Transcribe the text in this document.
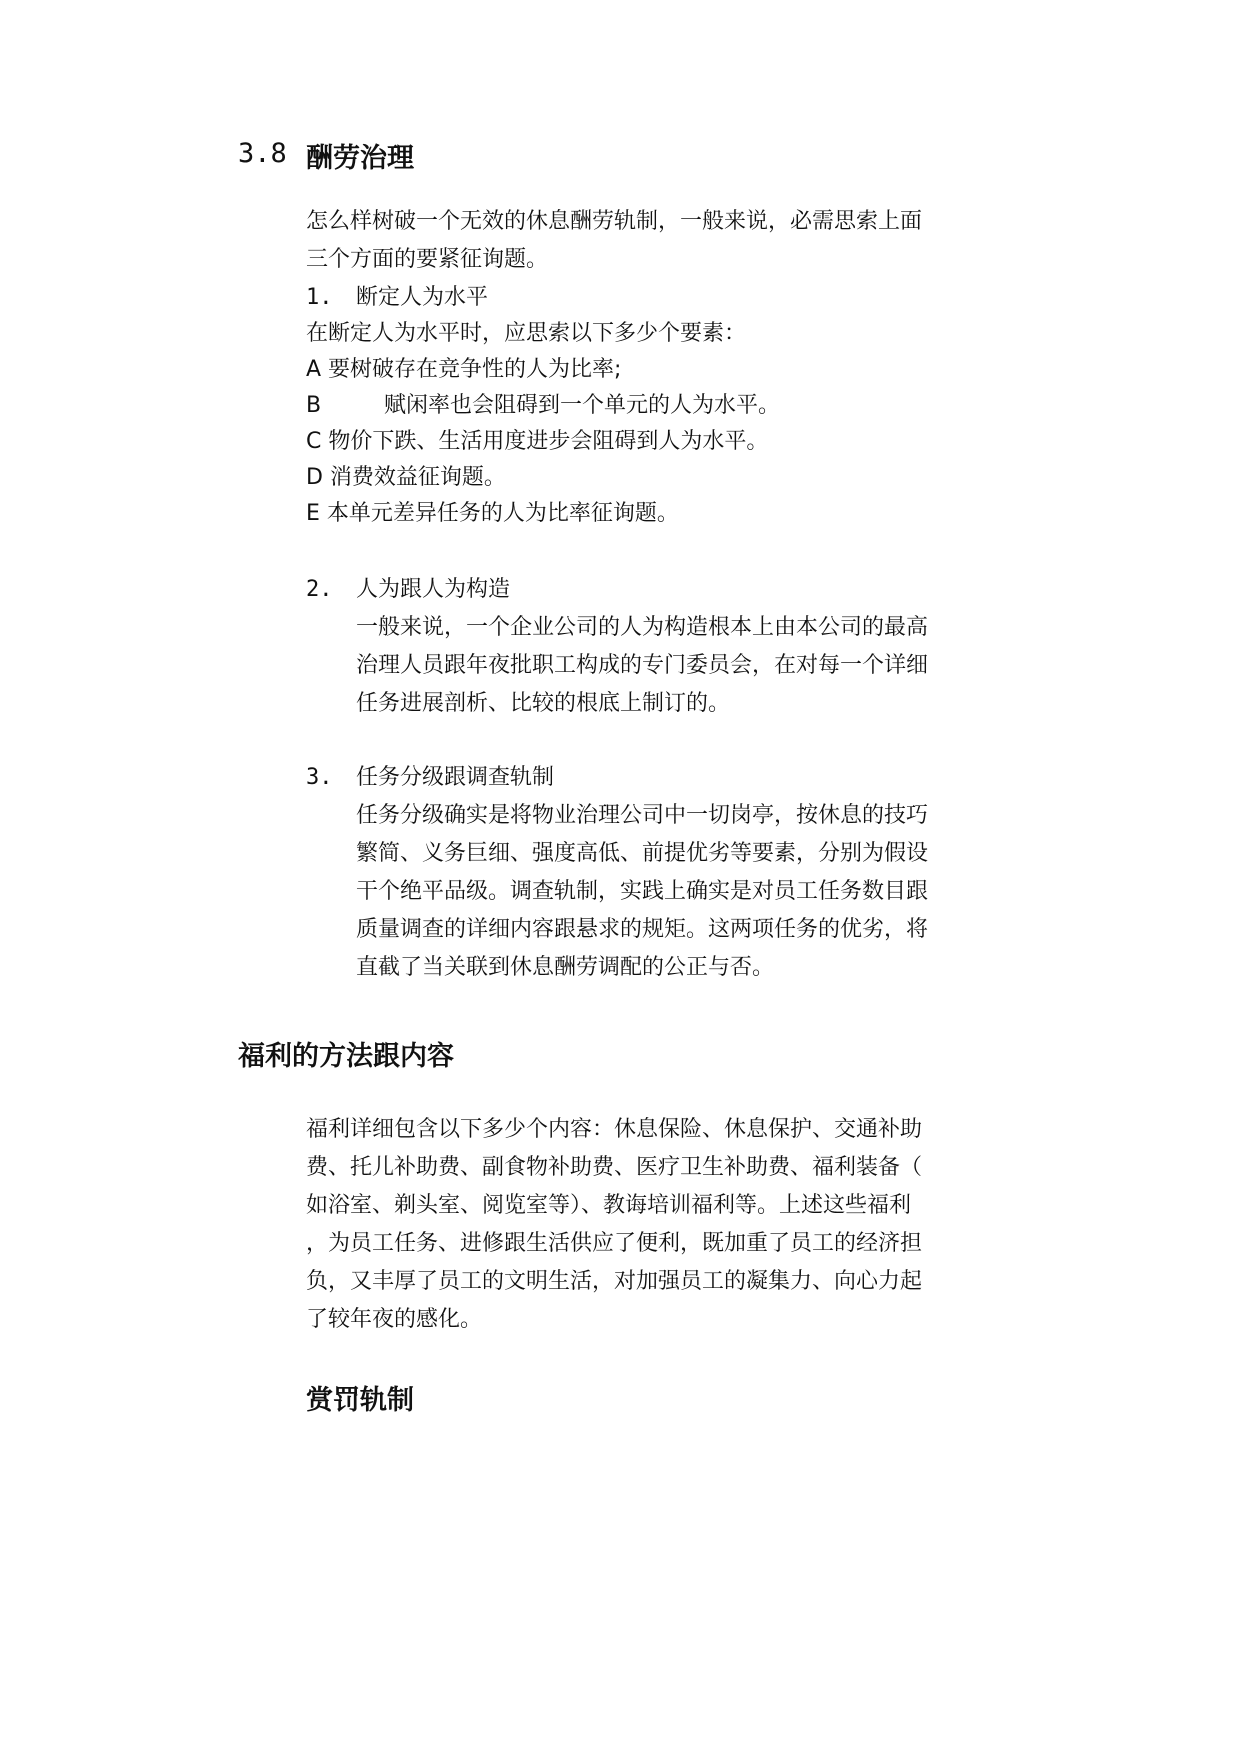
3.8 酬劳治理
怎么样树破一个无效的休息酬劳轨制，一般来说，必需思索上面
三个方面的要紧征询题。
1. 断定人为水平
在断定人为水平时，应思索以下多少个要素：
A 要树破存在竞争性的人为比率;
B	赋闲率也会阻碍到一个单元的人为水平。
C 物价下跌、生活用度进步会阻碍到人为水平。
D 消费效益征询题。
E 本单元差异任务的人为比率征询题。
2. 人为跟人为构造
一般来说，一个企业公司的人为构造根本上由本公司的最高
治理人员跟年夜批职工构成的专门委员会，在对每一个详细
任务进展剖析、比较的根底上制订的。
3. 任务分级跟调查轨制
任务分级确实是将物业治理公司中一切岗亭，按休息的技巧
繁简、义务巨细、强度高低、前提优劣等要素，分别为假设
干个绝平品级。调查轨制，实践上确实是对员工任务数目跟
质量调查的详细内容跟悬求的规矩。这两项任务的优劣，将
直截了当关联到休息酬劳调配的公正与否。
福利的方法跟内容
福利详细包含以下多少个内容：休息保险、休息保护、交通补助
费、托儿补助费、副食物补助费、医疗卫生补助费、福利装备（
如浴室、剃头室、阅览室等）、教诲培训福利等。上述这些福利
，为员工任务、进修跟生活供应了便利，既加重了员工的经济担
负，又丰厚了员工的文明生活，对加强员工的凝集力、向心力起
了较年夜的感化。
赏罚轨制
